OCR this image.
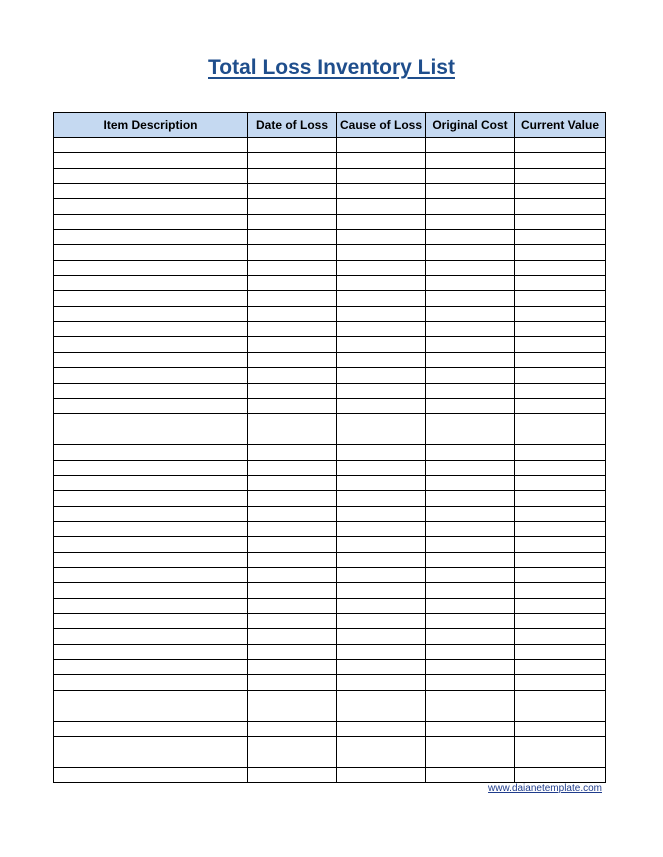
Total Loss Inventory List
Item Description	Date of Loss	Cause of Loss	Original Cost	Current Value

www.daianetemplate.com
